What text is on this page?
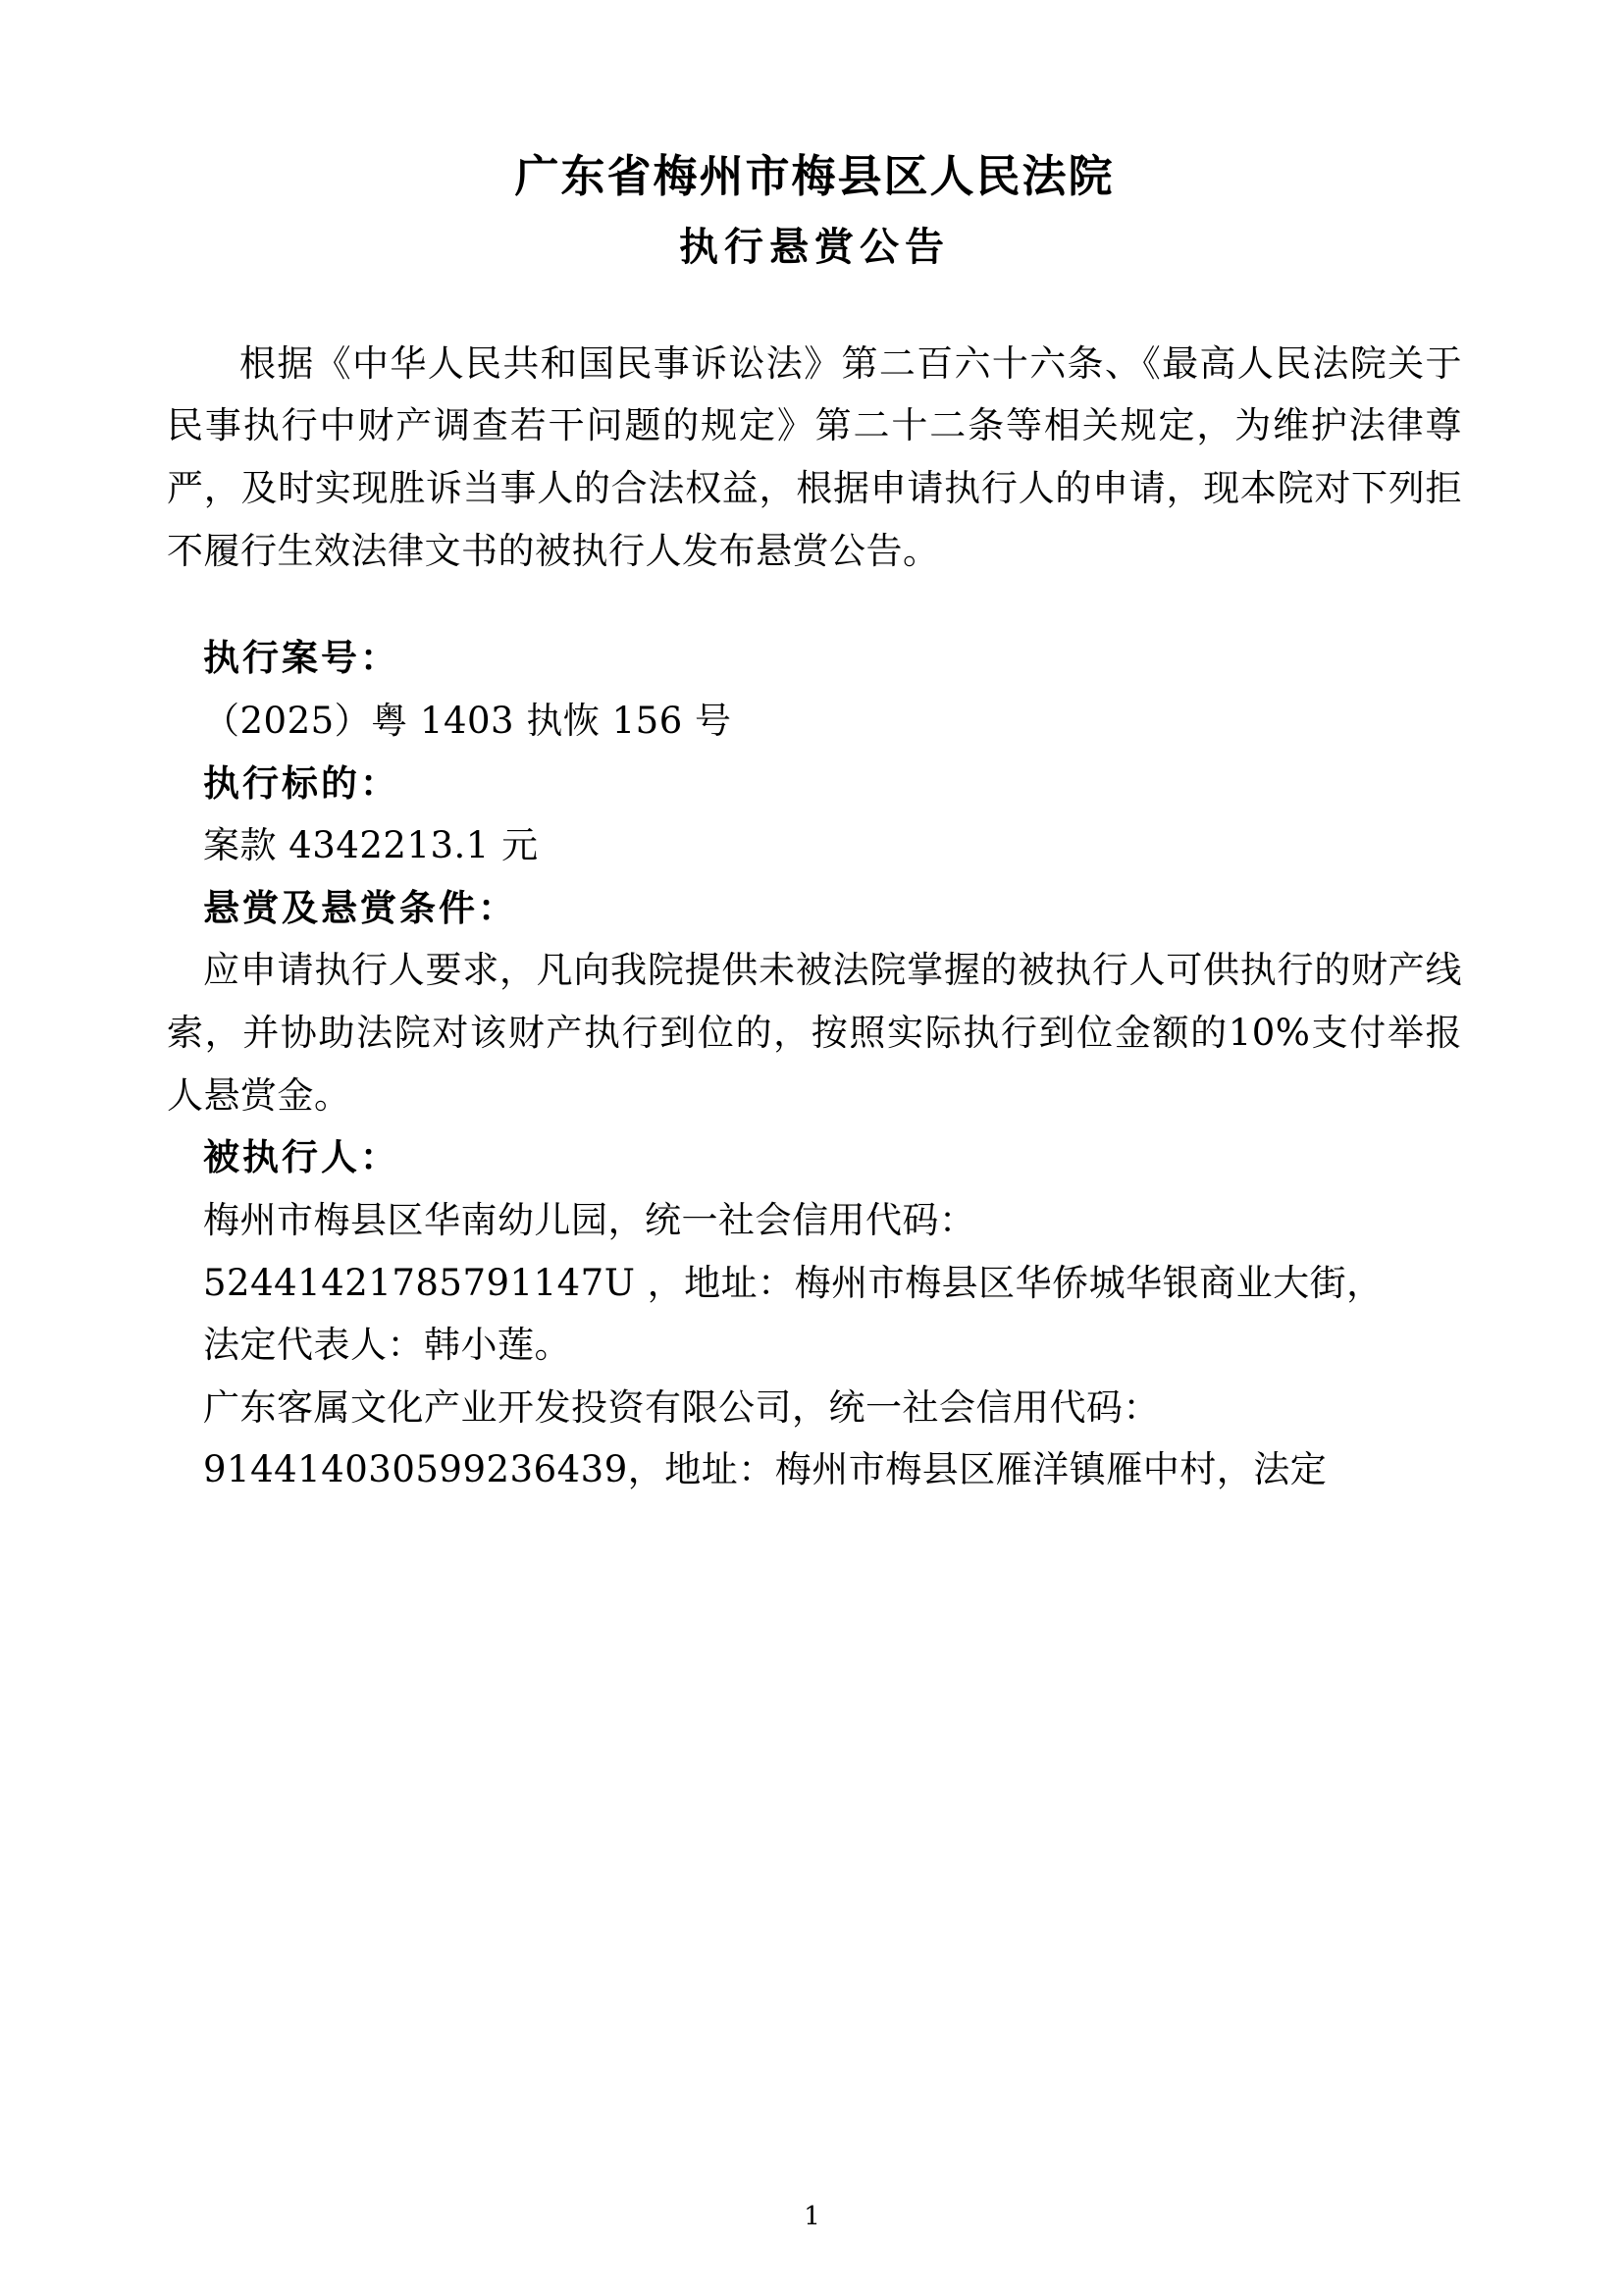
广东省梅州市梅县区人民法院
执行悬赏公告

根据《中华人民共和国民事诉讼法》第二百六十六条、《最高人民法院关于民事执行中财产调查若干问题的规定》第二十二条等相关规定，为维护法律尊严，及时实现胜诉当事人的合法权益，根据申请执行人的申请，现本院对下列拒不履行生效法律文书的被执行人发布悬赏公告。

执行案号：

（2025）粤 1403 执恢 156 号

执行标的：

案款 4342213.1 元

悬赏及悬赏条件：

应申请执行人要求，凡向我院提供未被法院掌握的被执行人可供执行的财产线索，并协助法院对该财产执行到位的，按照实际执行到位金额的10%支付举报人悬赏金。

被执行人：

梅州市梅县区华南幼儿园，统一社会信用代码：

52441421785791147U ，地址：梅州市梅县区华侨城华银商业大街，

法定代表人：韩小莲。

广东客属文化产业开发投资有限公司，统一社会信用代码：

914414030599236439，地址：梅州市梅县区雁洋镇雁中村，法定

1
